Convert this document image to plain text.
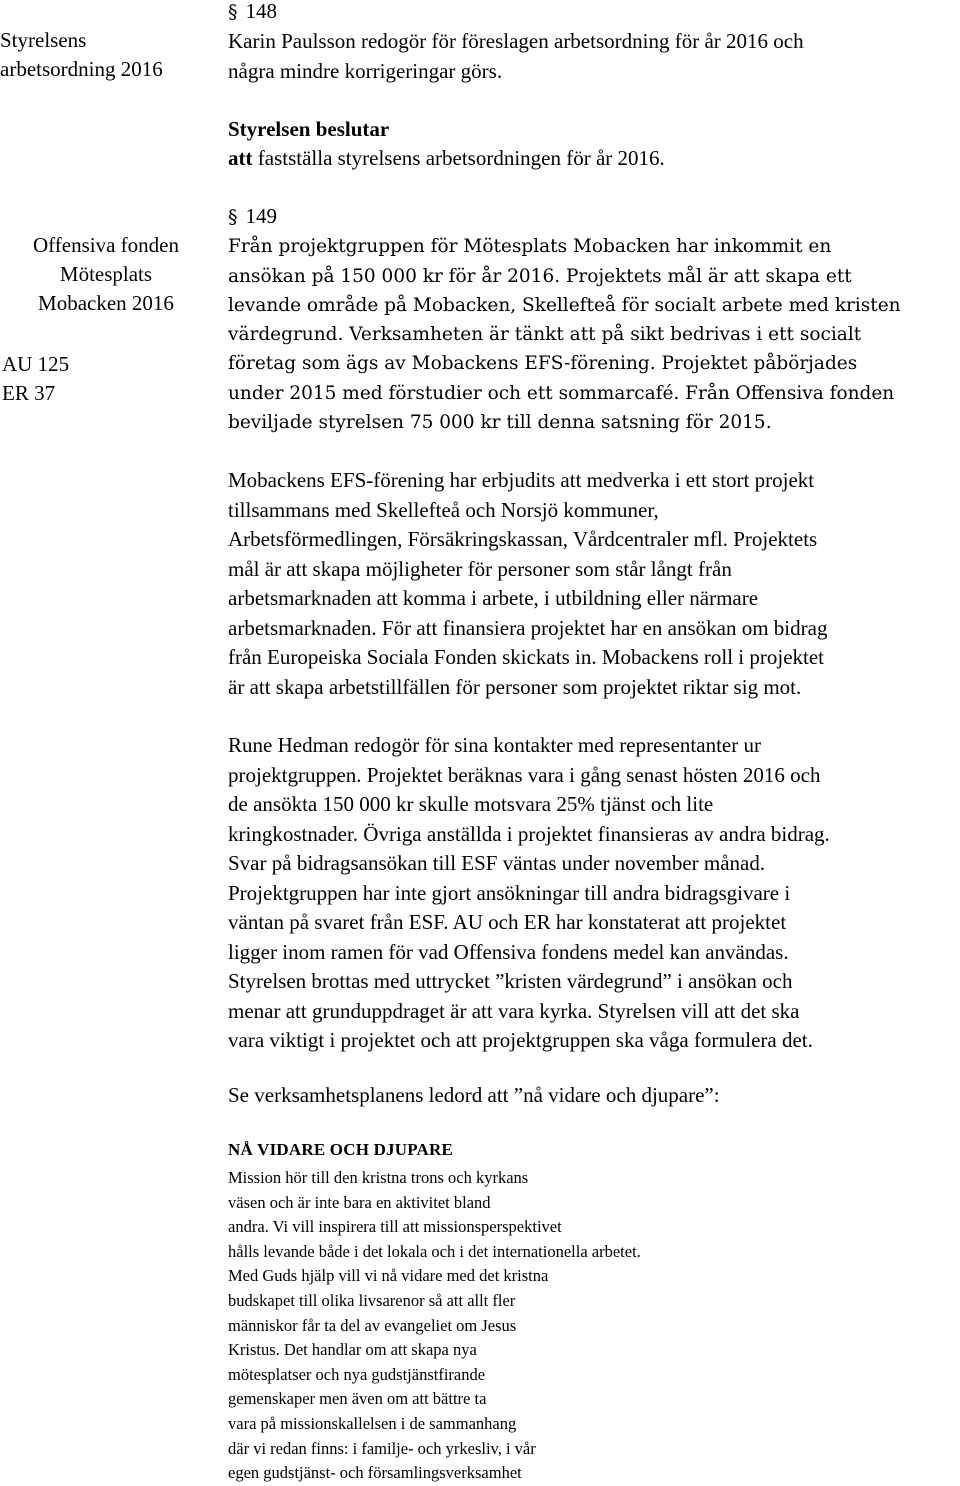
Styrelsens
arbetsordning 2016
Offensiva fonden
Mötesplats
Mobacken 2016
AU 125
ER 37
§ 148
Karin Paulsson redogör för föreslagen arbetsordning för år 2016 och
några mindre korrigeringar görs.
Styrelsen beslutar
att fastställa styrelsens arbetsordningen för år 2016.
§ 149
Från projektgruppen för Mötesplats Mobacken har inkommit en
ansökan på 150 000 kr för år 2016. Projektets mål är att skapa ett
levande område på Mobacken, Skellefteå för socialt arbete med kristen
värdegrund. Verksamheten är tänkt att på sikt bedrivas i ett socialt
företag som ägs av Mobackens EFS-förening. Projektet påbörjades
under 2015 med förstudier och ett sommarcafé. Från Offensiva fonden
beviljade styrelsen 75 000 kr till denna satsning för 2015.
Mobackens EFS-förening har erbjudits att medverka i ett stort projekt
tillsammans med Skellefteå och Norsjö kommuner,
Arbetsförmedlingen, Försäkringskassan, Vårdcentraler mfl. Projektets
mål är att skapa möjligheter för personer som står långt från
arbetsmarknaden att komma i arbete, i utbildning eller närmare
arbetsmarknaden. För att finansiera projektet har en ansökan om bidrag
från Europeiska Sociala Fonden skickats in. Mobackens roll i projektet
är att skapa arbetstillfällen för personer som projektet riktar sig mot.
Rune Hedman redogör för sina kontakter med representanter ur
projektgruppen. Projektet beräknas vara i gång senast hösten 2016 och
de ansökta 150 000 kr skulle motsvara 25% tjänst och lite
kringkostnader. Övriga anställda i projektet finansieras av andra bidrag.
Svar på bidragsansökan till ESF väntas under november månad.
Projektgruppen har inte gjort ansökningar till andra bidragsgivare i
väntan på svaret från ESF. AU och ER har konstaterat att projektet
ligger inom ramen för vad Offensiva fondens medel kan användas.
Styrelsen brottas med uttrycket ”kristen värdegrund” i ansökan och
menar att grunduppdraget är att vara kyrka. Styrelsen vill att det ska
vara viktigt i projektet och att projektgruppen ska våga formulera det.
Se verksamhetsplanens ledord att ”nå vidare och djupare”:
NÅ VIDARE OCH DJUPARE
Mission hör till den kristna trons och kyrkans
väsen och är inte bara en aktivitet bland
andra. Vi vill inspirera till att missionsperspektivet
hålls levande både i det lokala och i det internationella arbetet.
Med Guds hjälp vill vi nå vidare med det kristna
budskapet till olika livsarenor så att allt fler
människor får ta del av evangeliet om Jesus
Kristus. Det handlar om att skapa nya
mötesplatser och nya gudstjänstfirande
gemenskaper men även om att bättre ta
vara på missionskallelsen i de sammanhang
där vi redan finns: i familje- och yrkesliv, i vår
egen gudstjänst- och församlingsverksamhet
